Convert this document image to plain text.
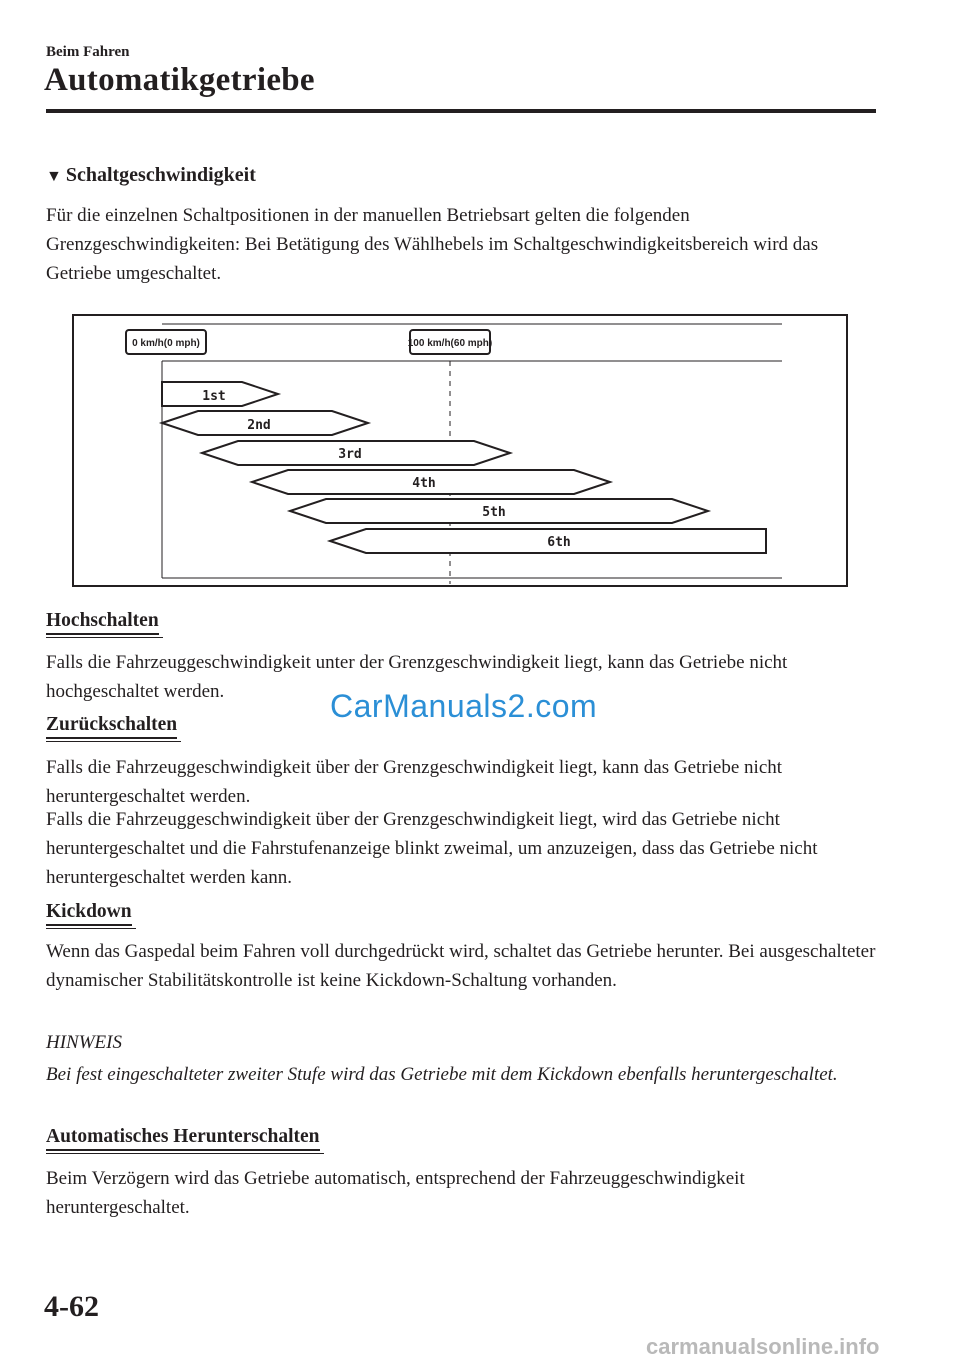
Beim Fahren
Automatikgetriebe
▼ Schaltgeschwindigkeit
Für die einzelnen Schaltpositionen in der manuellen Betriebsart gelten die folgenden Grenzgeschwindigkeiten: Bei Betätigung des Wählhebels im Schaltgeschwindigkeitsbereich wird das Getriebe umgeschaltet.
0 km/h(0 mph)	100 km/h(60 mph)
1st
2nd
3rd
4th
5th
6th
Hochschalten
Falls die Fahrzeuggeschwindigkeit unter der Grenzgeschwindigkeit liegt, kann das Getriebe nicht hochgeschaltet werden.	CarManuals2.com
Zurückschalten
Falls die Fahrzeuggeschwindigkeit über der Grenzgeschwindigkeit liegt, kann das Getriebe nicht heruntergeschaltet werden.
Falls die Fahrzeuggeschwindigkeit über der Grenzgeschwindigkeit liegt, wird das Getriebe nicht heruntergeschaltet und die Fahrstufenanzeige blinkt zweimal, um anzuzeigen, dass das Getriebe nicht heruntergeschaltet werden kann.
Kickdown
Wenn das Gaspedal beim Fahren voll durchgedrückt wird, schaltet das Getriebe herunter. Bei ausgeschalteter dynamischer Stabilitätskontrolle ist keine Kickdown-Schaltung vorhanden.
HINWEIS
Bei fest eingeschalteter zweiter Stufe wird das Getriebe mit dem Kickdown ebenfalls heruntergeschaltet.
Automatisches Herunterschalten
Beim Verzögern wird das Getriebe automatisch, entsprechend der Fahrzeuggeschwindigkeit heruntergeschaltet.
4-62
carmanualsonline.info
